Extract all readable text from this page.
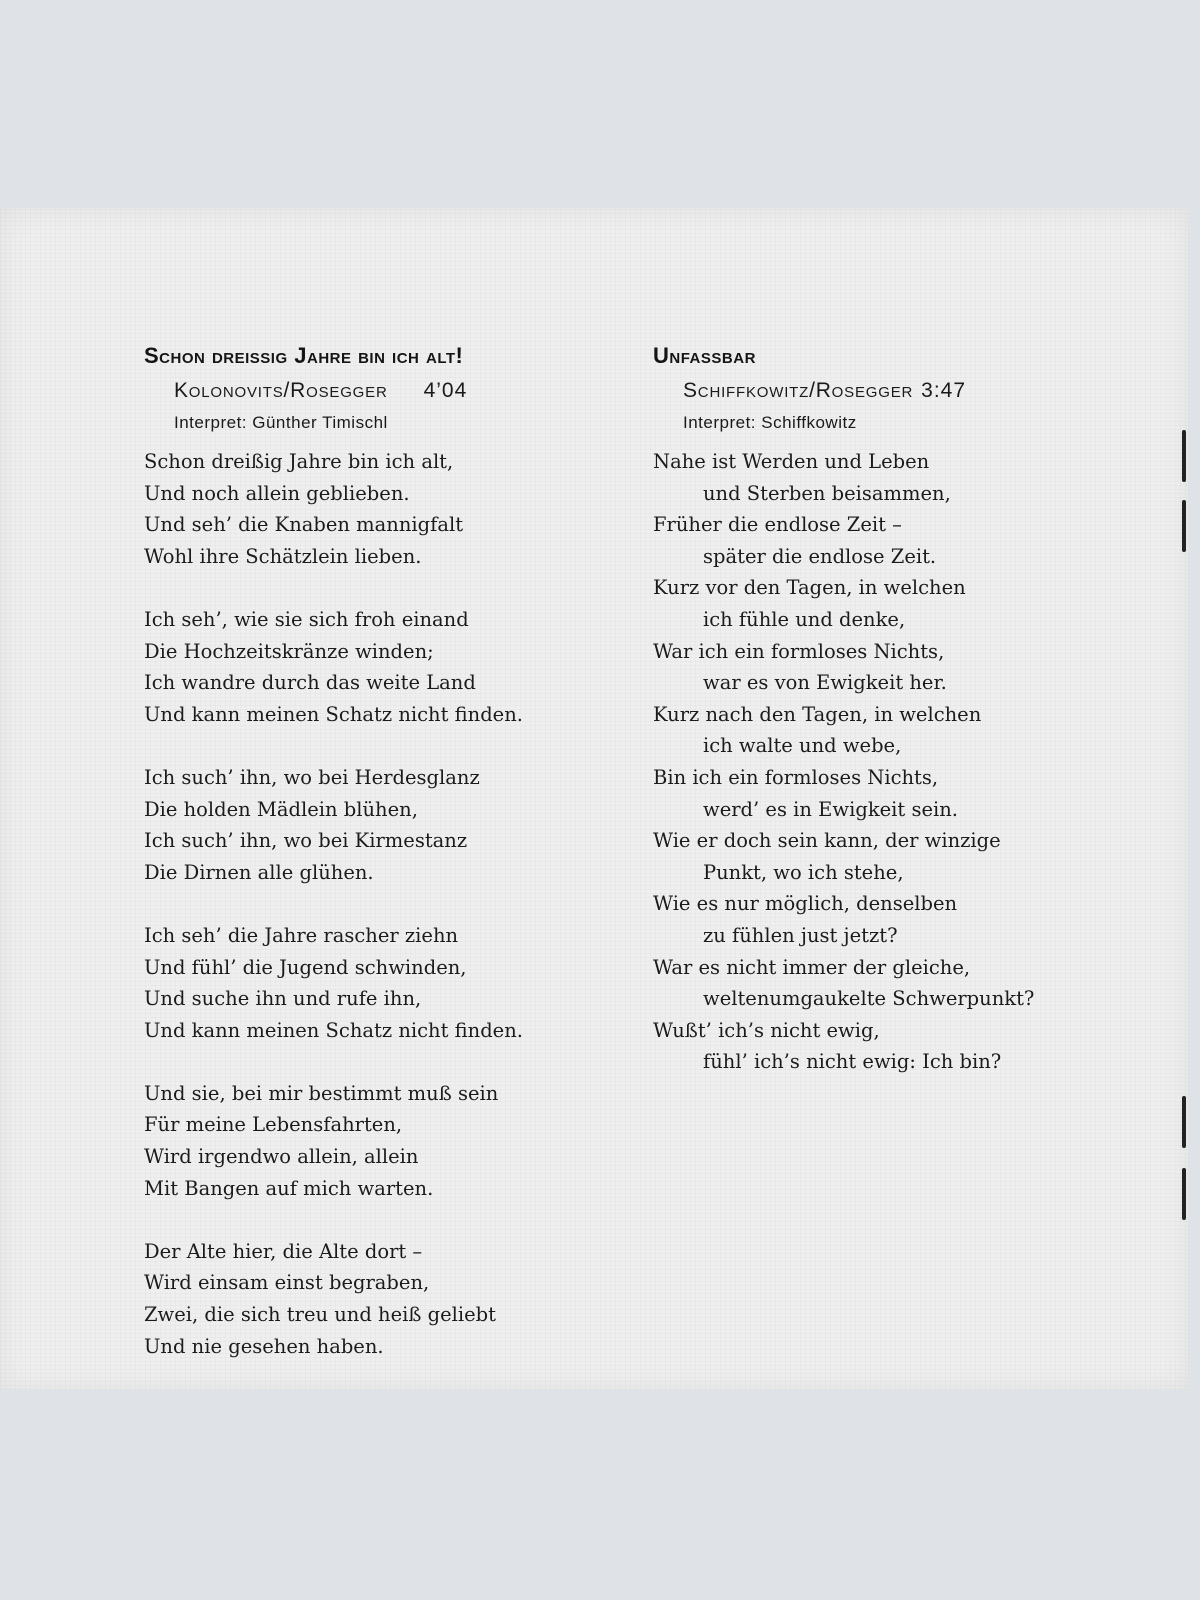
Schon dreissig Jahre bin ich alt!
Kolonovits/Rosegger 4’04
Interpret: Günther Timischl
Schon dreißig Jahre bin ich alt,
Und noch allein geblieben.
Und seh’ die Knaben mannigfalt
Wohl ihre Schätzlein lieben.
Ich seh’, wie sie sich froh einand
Die Hochzeitskränze winden;
Ich wandre durch das weite Land
Und kann meinen Schatz nicht finden.
Ich such’ ihn, wo bei Herdesglanz
Die holden Mädlein blühen,
Ich such’ ihn, wo bei Kirmestanz
Die Dirnen alle glühen.
Ich seh’ die Jahre rascher ziehn
Und fühl’ die Jugend schwinden,
Und suche ihn und rufe ihn,
Und kann meinen Schatz nicht finden.
Und sie, bei mir bestimmt muß sein
Für meine Lebensfahrten,
Wird irgendwo allein, allein
Mit Bangen auf mich warten.
Der Alte hier, die Alte dort –
Wird einsam einst begraben,
Zwei, die sich treu und heiß geliebt
Und nie gesehen haben.
Unfassbar
Schiffkowitz/Rosegger 3:47
Interpret: Schiffkowitz
Nahe ist Werden und Leben
und Sterben beisammen,
Früher die endlose Zeit –
später die endlose Zeit.
Kurz vor den Tagen, in welchen
ich fühle und denke,
War ich ein formloses Nichts,
war es von Ewigkeit her.
Kurz nach den Tagen, in welchen
ich walte und webe,
Bin ich ein formloses Nichts,
werd’ es in Ewigkeit sein.
Wie er doch sein kann, der winzige
Punkt, wo ich stehe,
Wie es nur möglich, denselben
zu fühlen just jetzt?
War es nicht immer der gleiche,
weltenumgaukelte Schwerpunkt?
Wußt’ ich’s nicht ewig,
fühl’ ich’s nicht ewig: Ich bin?
